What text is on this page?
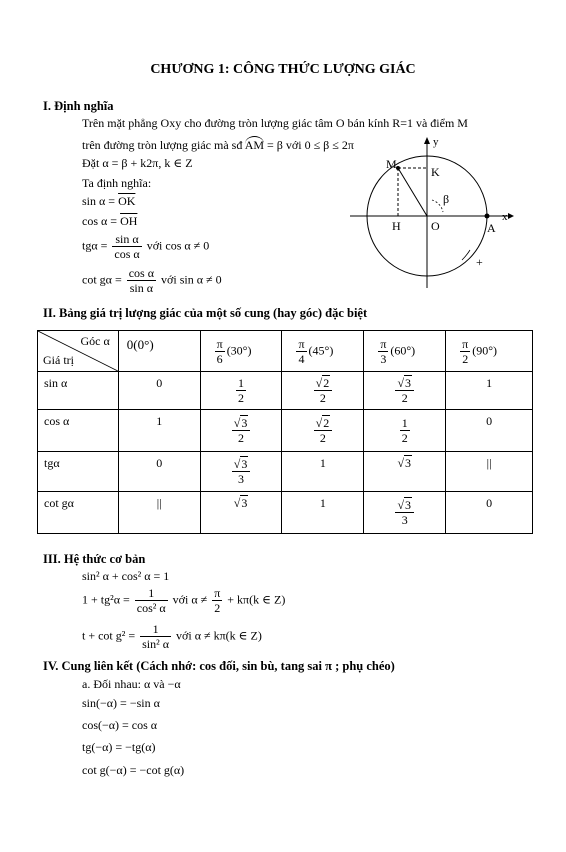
CHƯƠNG 1: CÔNG THỨC LƯỢNG GIÁC
I. Định nghĩa
Trên mặt phẳng Oxy cho đường tròn lượng giác tâm O bán kính R=1 và điểm M
trên đường tròn lượng giác mà sđ AM = β với 0 ≤ β ≤ 2π
Đặt α = β + k2π, k ∈ Z
Ta định nghĩa:
$\sin \alpha = \overline{OK}$
$\cos \alpha = \overline{OH}$
$tg\alpha = \frac{\text{sin α}}{\text{cos α}}$ với cos α ≠ 0
$\cot g\alpha = \frac{\text{cos α}}{\text{sin α}}$ với sin α ≠ 0
M
K
H	O	A
x
y
β
+
II. Bảng giá trị lượng giác của một số cung (hay góc) đặc biệt
Góc α
Giá trị	0(0°)	$\frac{\pi}{6} (30^\circ)$	$\frac{\pi}{4} (45^\circ)$	$\frac{\pi}{3} (60^\circ)$	$\frac{\pi}{2} (90^\circ)$
sin α	0	$\frac{1}{2}$	$\frac{√2}{2}$	$\frac{√3}{2}$	1
cos α	1	$\frac{√3}{2}$	$\frac{√2}{2}$	$\frac{1}{2}$	0
tgα	0	$\frac{√3}{3}$	1	√3	||
cot gα	||	√3	1	$\frac{√3}{3}$	0
III. Hệ thức cơ bản
sin² α + cos² α = 1
$1 + tg^2\alpha = \frac{1}{\text{cos² α}}$ với $\alpha \ne \frac{\pi}{2} + k\pi(k$ ∈ Z)
$t + \cot g^2 = \frac{1}{\text{sin² α}}$ với α ≠ kπ(k ∈ Z)
IV. Cung liên kết (Cách nhớ: cos đối, sin bù, tang sai π ; phụ chéo)
a. Đối nhau: α và −α
sin(−α) = −sin α
cos(−α) = cos α
tg(−α) = −tg(α)
cot g(−α) = −cot g(α)
